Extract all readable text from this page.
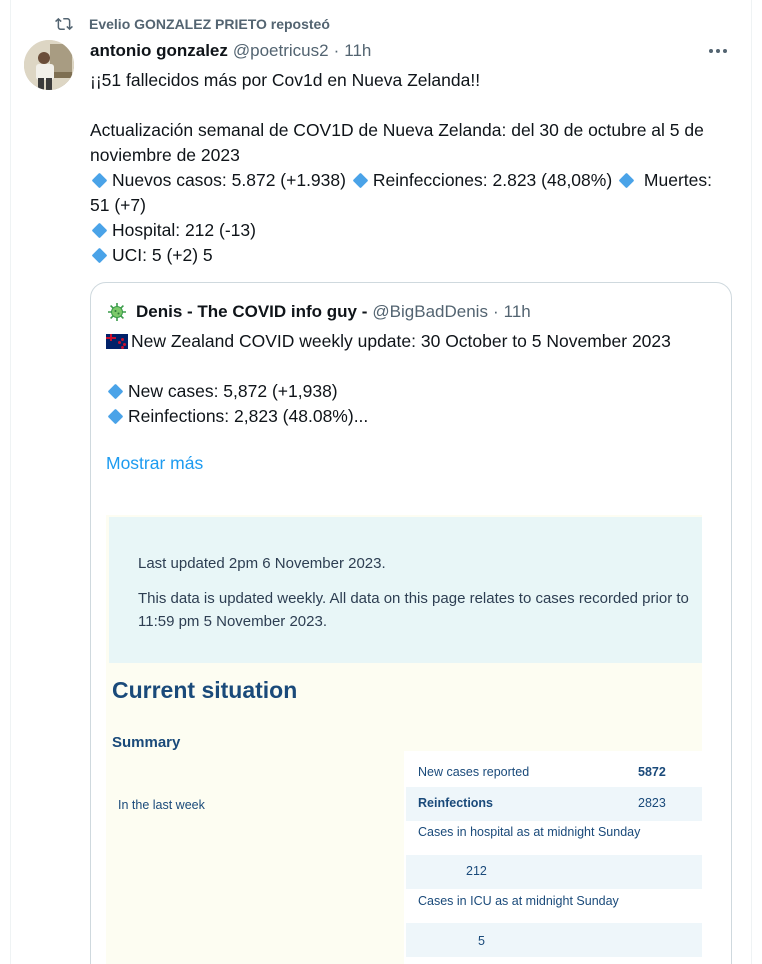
Evelio GONZALEZ PRIETO reposteó
antonio gonzalez @poetricus2 · 11h

¡¡51 fallecidos más por Cov1d en Nueva Zelanda!!

Actualización semanal de COV1D de Nueva Zelanda: del 30 de octubre al 5 de noviembre de 2023

Nuevos casos: 5.872 (+1.938) Reinfecciones: 2.823 (48,08%) Muertes: 51 (+7)

Hospital: 212 (-13)

UCI: 5 (+2) 5

Denis - The COVID info guy - @BigBadDenis · 11h

New Zealand COVID weekly update: 30 October to 5 November 2023

New cases: 5,872 (+1,938)

Reinfections: 2,823 (48.08%)...

Mostrar más
Last updated 2pm 6 November 2023.
This data is updated weekly. All data on this page relates to cases recorded prior to 11:59 pm 5 November 2023.
Current situation
Summary
In the last week
New cases reported	5872
Reinfections	2823
Cases in hospital as at midnight Sunday
212
Cases in ICU as at midnight Sunday
5
